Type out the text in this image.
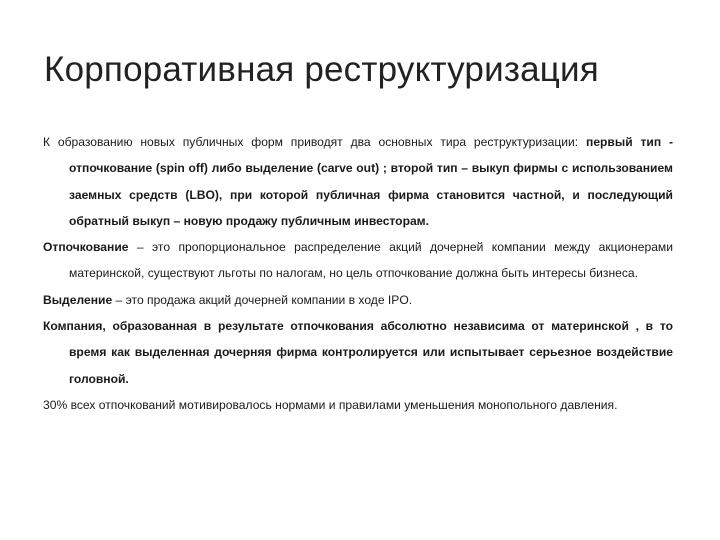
Корпоративная реструктуризация

К образованию новых публичных форм приводят два основных тира реструктуризации: первый тип - отпочкование (spin off) либо выделение (carve out) ; второй тип – выкуп фирмы с использованием заемных средств (LBO), при которой публичная фирма становится частной, и последующий обратный выкуп – новую продажу публичным инвесторам.

Отпочкование – это пропорциональное распределение акций дочерней компании между акционерами материнской, существуют льготы по налогам, но цель отпочкование должна быть интересы бизнеса.

Выделение – это продажа акций дочерней компании в ходе IPO.

Компания, образованная в результате отпочкования абсолютно независима от материнской , в то время как выделенная дочерняя фирма контролируется или испытывает серьезное воздействие головной.

30% всех отпочкований мотивировалось нормами и правилами уменьшения монопольного давления.
